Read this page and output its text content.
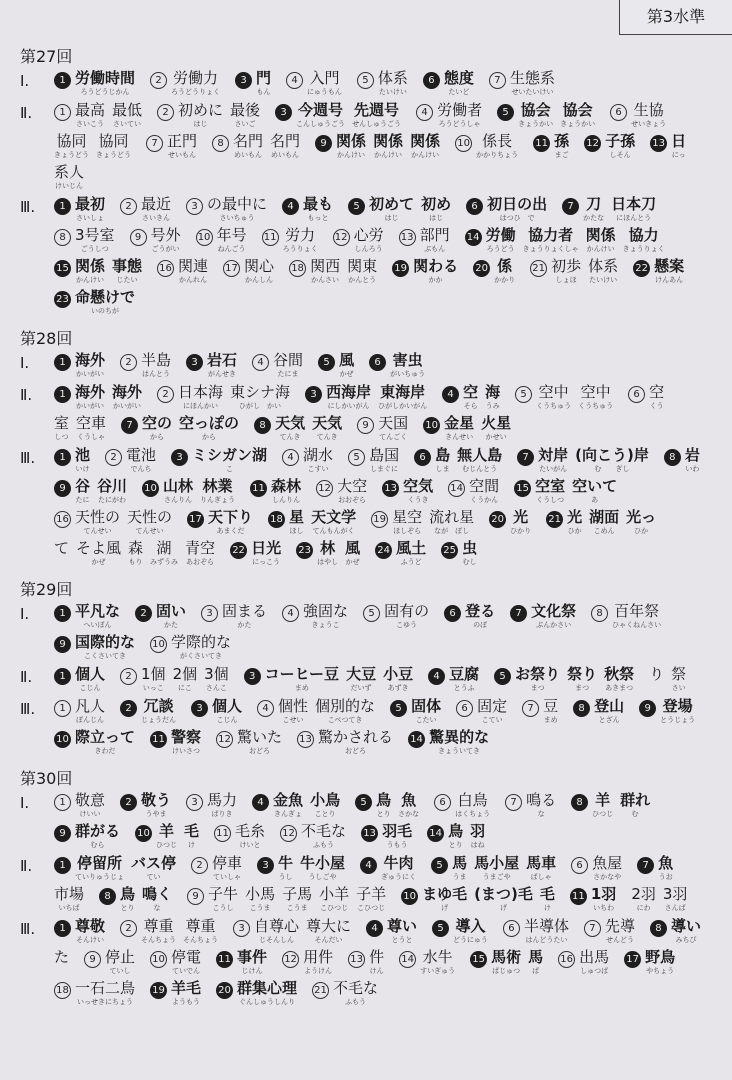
第3水準
第27回
Ⅰ.	1 労働時間
ろうどうじかん
2 労働力
ろうどうりょく
3 門
もん
4 入門
にゅうもん
5 体系
たいけい
6 態度
たいど
7 生態系
せいたいけい
Ⅱ.	1 最高
さいこう
最低
さいてい
2 初めに
はじ
最後
さいご
3 今週号
こんしゅうごう
先週号
せんしゅうごう
4 労働者
ろうどうしゃ
5 協会
きょうかい
協会
きょうかい
6 生協
せいきょう
協同
きょうどう
協同
きょうどう
7 正門
せいもん
8 名門
めいもん
名門
めいもん
9 関係
かんけい
関係
かんけい
関係
かんけい
10 係長
かかりちょう
11 孫
まご
12 子孫
しそん
13 日
にっ
系人
けいじん
Ⅲ.	1 最初
さいしょ
2 最近
さいきん
3 の最中に
さいちゅう
4 最も
もっと
5 初めて
はじ
初め
はじ
6 初日の出
はつひ　で
7 刀
かたな
日本刀
にほんとう
8 3号室
ごうしつ
9 号外
ごうがい
10 年号
ねんごう
11 労力
ろうりょく
12 心労
しんろう
13 部門
ぶもん
14 労働
ろうどう
協力者
きょうりょくしゃ
関係
かんけい
協力
きょうりょく
15 関係
かんけい
事態
じたい
16 関連
かんれん
17 関心
かんしん
18 関西
かんさい
関東
かんとう
19 関わる
かか
20 係
かかり
21 初歩
しょほ
体系
たいけい
22 懸案
けんあん
23 命懸けで
いのちが
第28回
Ⅰ.	1 海外
かいがい
2 半島
はんとう
3 岩石
がんせき
4 谷間
たにま
5 風
かぜ
6 害虫
がいちゅう
Ⅱ.	1 海外
かいがい
海外
かいがい
2 日本海
にほんかい
東シナ海
ひがし　かい
3 西海岸
にしかいがん
東海岸
ひがしかいがん
4 空
そら
海
うみ
5 空中
くうちゅう
空中
くうちゅう
6 空
くう
室
しつ
空車
くうしゃ
7 空の
から
空っぽの
から
8 天気
てんき
天気
てんき
9 天国
てんごく
10 金星
きんせい
火星
かせい
Ⅲ.	1 池
いけ
2 電池
でんち
3 ミシガン湖
こ
4 湖水
こすい
5 島国
しまぐに
6 島
しま
無人島
むじんとう
7 対岸
たいがん
(向こう)岸
む　　ぎし
8 岩
いわ
9 谷
たに
谷川
たにがわ
10 山林
さんりん
林業
りんぎょう
11 森林
しんりん
12 大空
おおぞら
13 空気
くうき
14 空間
くうかん
15 空室
くうしつ
空いて
あ
16 天性の
てんせい
天性の
てんせい
17 天下り
あまくだ
18 星
ほし
天文学
てんもんがく
19 星空
ほしぞら
流れ星
なが　ぼし
20 光
ひかり
21 光
ひか
湖面
こめん
光っ
ひか
て そよ風
かぜ
森
もり
湖
みずうみ
青空
あおぞら
22 日光
にっこう
23 林
はやし
風
かぜ
24 風土
ふうど
25 虫
むし
第29回
Ⅰ.	1 平凡な
へいぼん
2 固い
かた
3 固まる
かた
4 強固な
きょうこ
5 固有の
こゆう
6 登る
のぼ
7 文化祭
ぶんかさい
8 百年祭
ひゃくねんさい
9 国際的な
こくさいてき
10 学際的な
がくさいてき
Ⅱ.	1 個人
こじん
2 1個
いっこ
2個
にこ
3個
さんこ
3 コーヒー豆
まめ
大豆
だいず
小豆
あずき
4 豆腐
とうふ
5 お祭り
まつ
祭り
まつ
秋祭
あきまつ
り 祭
さい
Ⅲ.	1 凡人
ぼんじん
2 冗談
じょうだん
3 個人
こじん
4 個性
こせい
個別的な
こべつてき
5 固体
こたい
6 固定
こてい
7 豆
まめ
8 登山
とざん
9 登場
とうじょう
10 際立って
きわだ
11 警察
けいさつ
12 驚いた
おどろ
13 驚かされる
おどろ
14 驚異的な
きょういてき
第30回
Ⅰ.	1 敬意
けいい
2 敬う
うやま
3 馬力
ばりき
4 金魚
きんぎょ
小鳥
ことり
5 鳥
とり
魚
さかな
6 白鳥
はくちょう
7 鳴る
な
8 羊
ひつじ
群れ
む
9 群がる
むら
10 羊
ひつじ
毛
け
11 毛糸
けいと
12 不毛な
ふもう
13 羽毛
うもう
14 鳥
とり
羽
はね
Ⅱ.	1 停留所
ていりゅうじょ
バス停
てい
2 停車
ていしゃ
3 牛
うし
牛小屋
うしごや
4 牛肉
ぎゅうにく
5 馬
うま
馬小屋
うまごや
馬車
ばしゃ
6 魚屋
さかなや
7 魚
うお
市場
いちば
8 鳥
とり
鳴く
な
9 子牛
こうし
小馬
こうま
子馬
こうま
小羊
こひつじ
子羊
こひつじ
10 まゆ毛
げ
(まつ)毛
げ
毛
け
11 1羽
いちわ
2羽
にわ
3羽
さんば
Ⅲ.	1 尊敬
そんけい
2 尊重
そんちょう
尊重
そんちょう
3 自尊心
じそんしん
尊大に
そんだい
4 尊い
とうと
5 導入
どうにゅう
6 半導体
はんどうたい
7 先導
せんどう
8 導い
みちび
た	9 停止
ていし
10 停電
ていでん
11 事件
じけん
12 用件
ようけん
13 件
けん
14 水牛
すいぎゅう
15 馬術
ばじゅつ
馬
ば
16 出馬
しゅつば
17 野鳥
やちょう
18 一石二鳥
いっせきにちょう
19 羊毛
ようもう
20 群集心理
ぐんしゅうしんり
21 不毛な
ふもう
